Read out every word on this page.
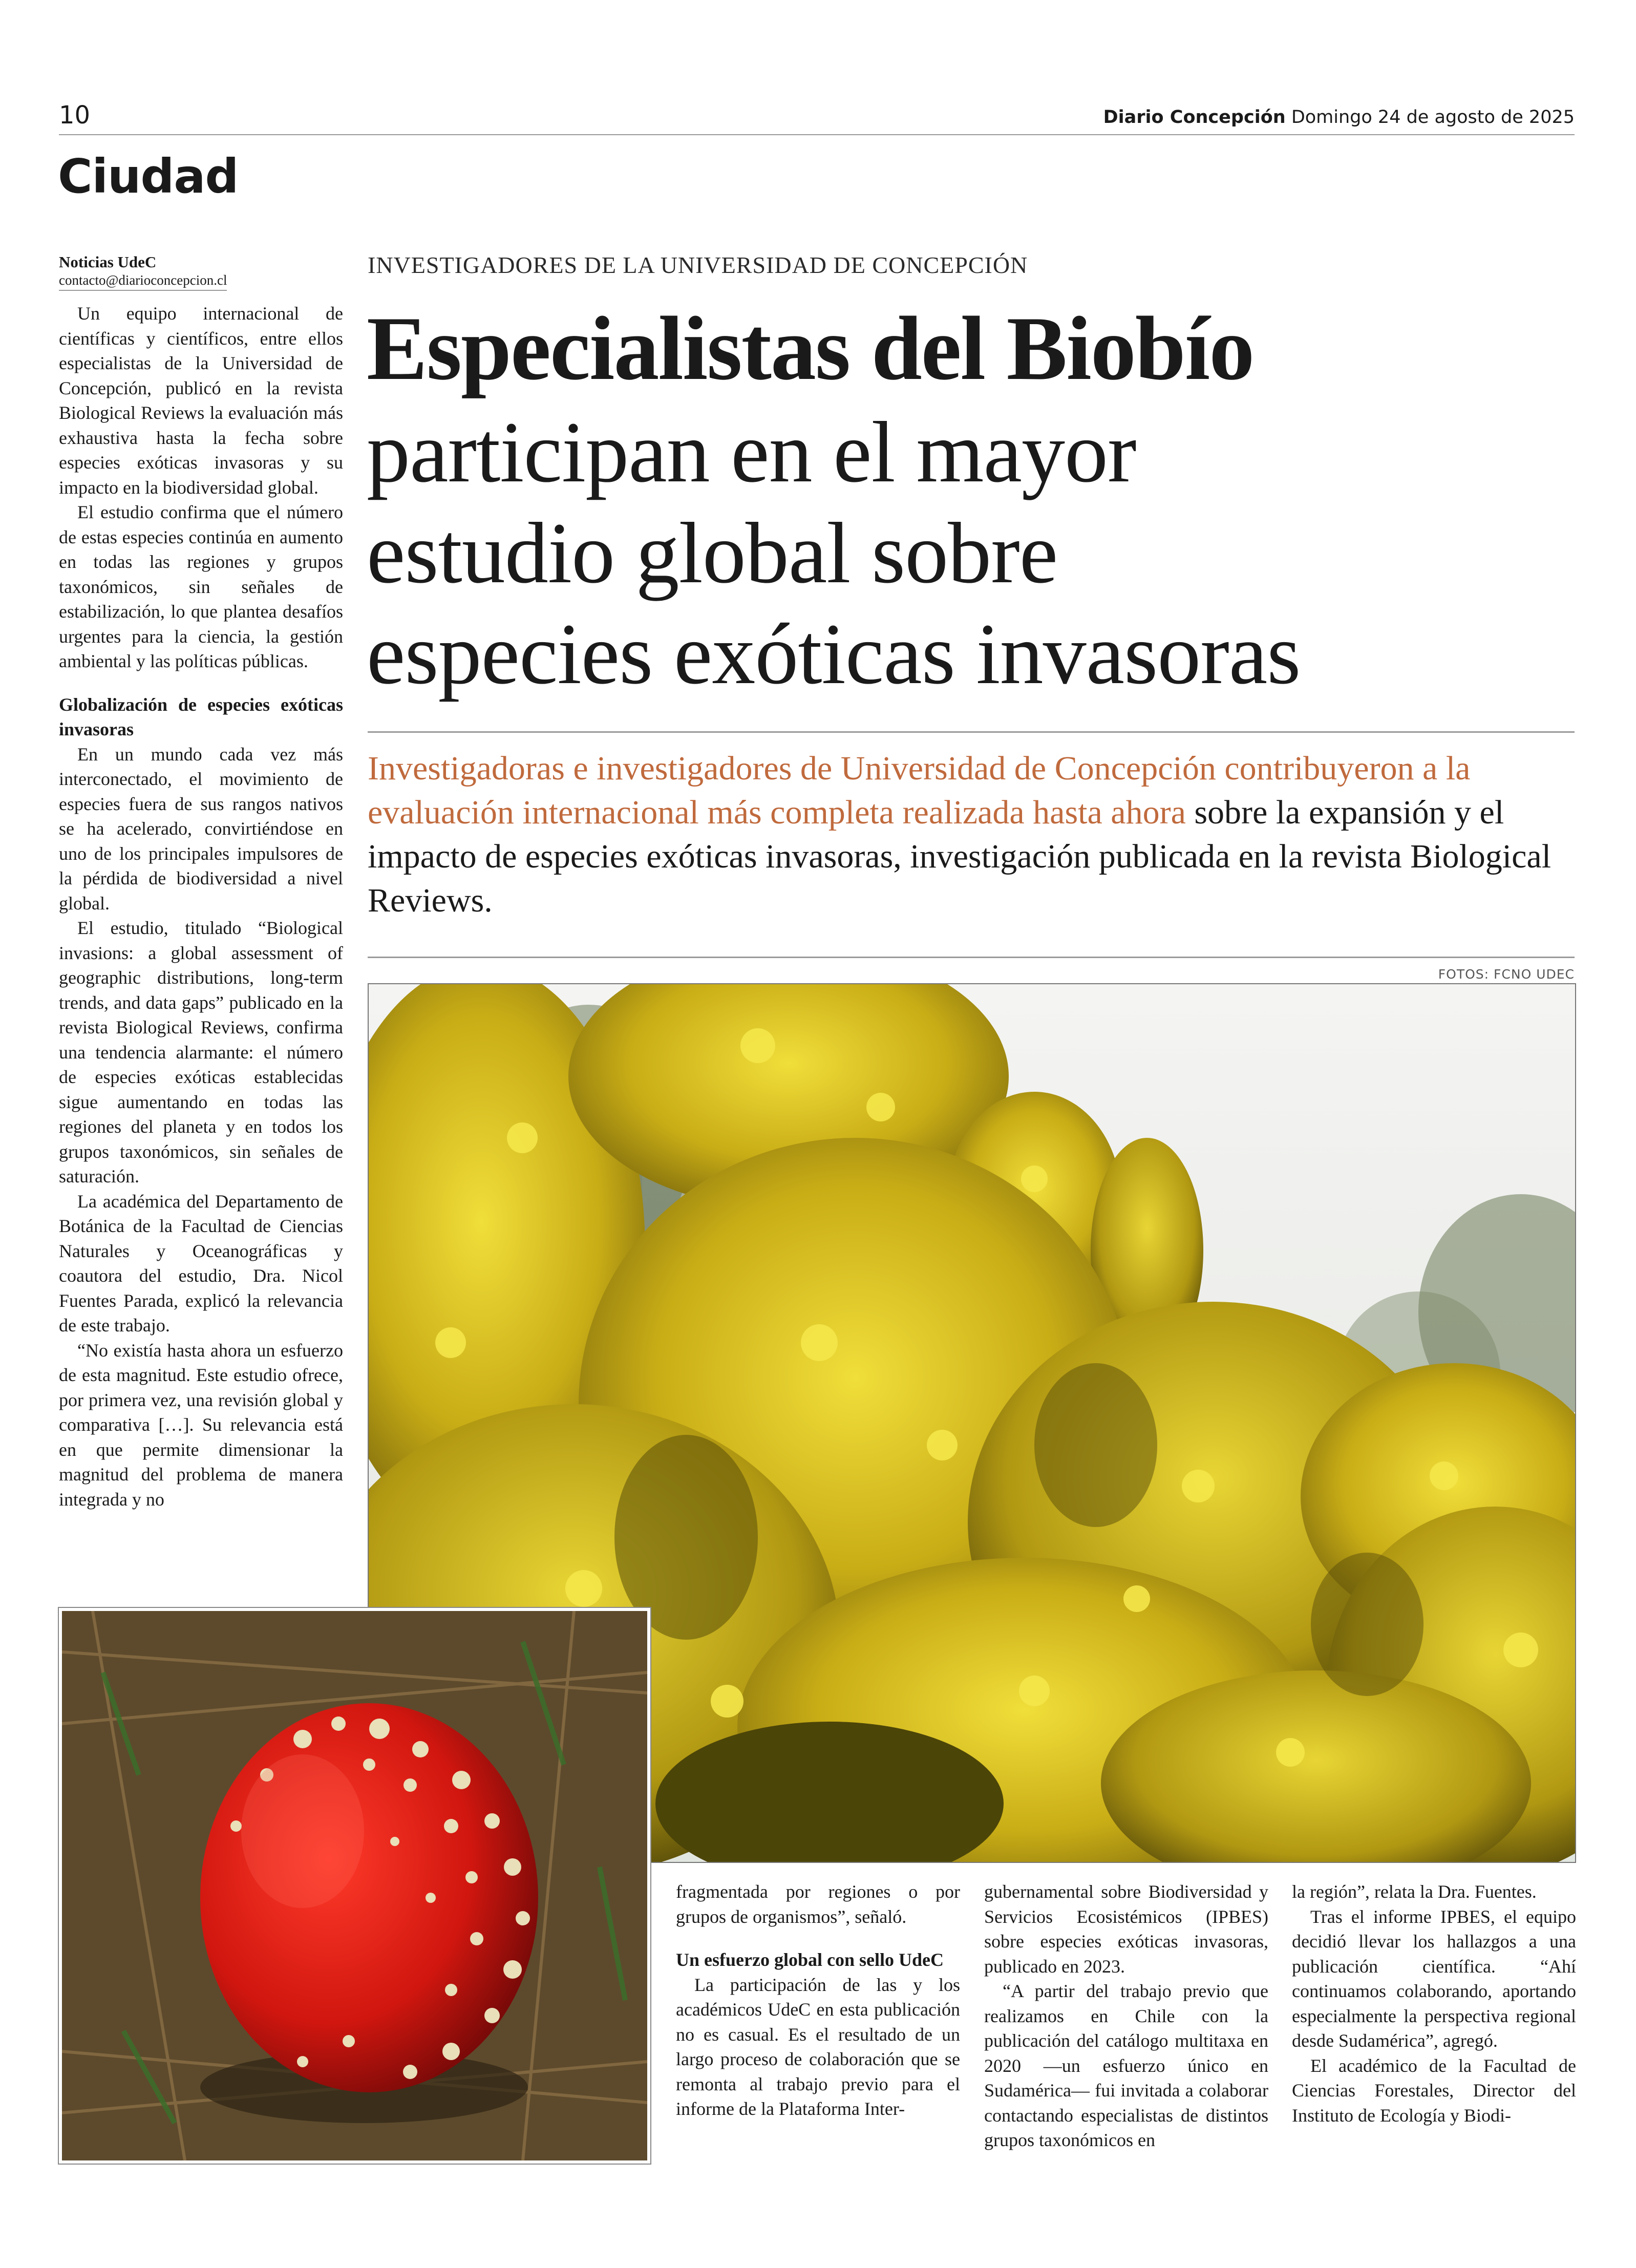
10	Diario Concepción Domingo 24 de agosto de 2025
Ciudad
Noticias UdeC
contacto@diarioconcepcion.cl

Un equipo internacional de científicas y científicos, entre ellos especialistas de la Universidad de Concepción, publicó en la revista Biological Reviews la evaluación más exhaustiva hasta la fecha sobre especies exóticas invasoras y su impacto en la biodiversidad global.

El estudio confirma que el número de estas especies continúa en aumento en todas las regiones y grupos taxonómicos, sin señales de estabilización, lo que plantea desafíos urgentes para la ciencia, la gestión ambiental y las políticas públicas.

Globalización de especies exóticas invasoras

En un mundo cada vez más interconectado, el movimiento de especies fuera de sus rangos nativos se ha acelerado, convirtiéndose en uno de los principales impulsores de la pérdida de biodiversidad a nivel global.

El estudio, titulado “Biological invasions: a global assessment of geographic distributions, long-term trends, and data gaps” publicado en la revista Biological Reviews, confirma una tendencia alarmante: el número de especies exóticas establecidas sigue aumentando en todas las regiones del planeta y en todos los grupos taxonómicos, sin señales de saturación.

La académica del Departamento de Botánica de la Facultad de Ciencias Naturales y Oceanográficas y coautora del estudio, Dra. Nicol Fuentes Parada, explicó la relevancia de este trabajo.

“No existía hasta ahora un esfuerzo de esta magnitud. Este estudio ofrece, por primera vez, una revisión global y comparativa […]. Su relevancia está en que permite dimensionar la magnitud del problema de manera integrada y no

INVESTIGADORES DE LA UNIVERSIDAD DE CONCEPCIÓN
Especialistas del Biobío
participan en el mayor
estudio global sobre
especies exóticas invasoras
Investigadoras e investigadores de Universidad de Concepción contribuyeron a la evaluación internacional más completa realizada hasta ahora sobre la expansión y el impacto de especies exóticas invasoras, investigación publicada en la revista Biological Reviews.
FOTOS: FCNO UDEC

fragmentada por regiones o por grupos de organismos”, señaló.

Un esfuerzo global con sello UdeC

La participación de las y los académicos UdeC en esta publicación no es casual. Es el resultado de un largo proceso de colaboración que se remonta al trabajo previo para el informe de la Plataforma Inter-

gubernamental sobre Biodiversidad y Servicios Ecosistémicos (IPBES) sobre especies exóticas invasoras, publicado en 2023.

“A partir del trabajo previo que realizamos en Chile con la publicación del catálogo multitaxa en 2020 —un esfuerzo único en Sudamérica— fui invitada a colaborar contactando especialistas de distintos grupos taxonómicos en

la región”, relata la Dra. Fuentes.

Tras el informe IPBES, el equipo decidió llevar los hallazgos a una publicación científica. “Ahí continuamos colaborando, aportando especialmente la perspectiva regional desde Sudamérica”, agregó.

El académico de la Facultad de Ciencias Forestales, Director del Instituto de Ecología y Biodi-
